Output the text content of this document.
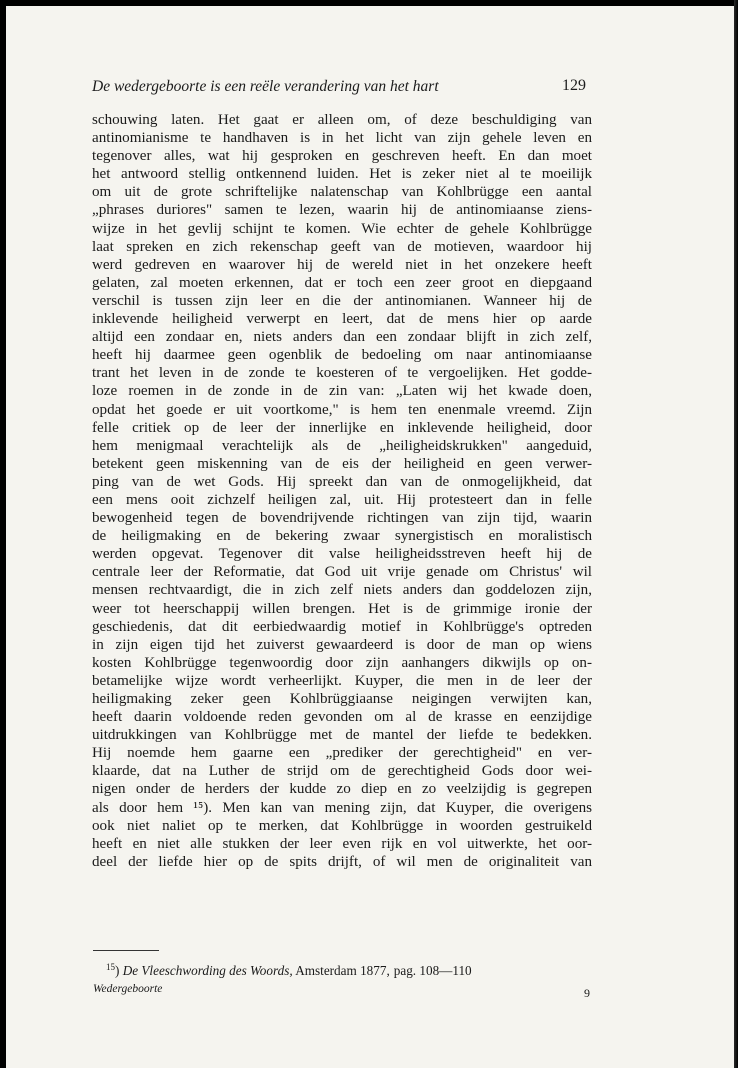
De wedergeboorte is een reële verandering van het hart	129
schouwing laten. Het gaat er alleen om, of deze beschuldiging van
antinomianisme te handhaven is in het licht van zijn gehele leven en
tegenover alles, wat hij gesproken en geschreven heeft. En dan moet
het antwoord stellig ontkennend luiden. Het is zeker niet al te moeilijk
om uit de grote schriftelijke nalatenschap van Kohlbrügge een aantal
„phrases duriores" samen te lezen, waarin hij de antinomiaanse ziens-
wijze in het gevlij schijnt te komen. Wie echter de gehele Kohlbrügge
laat spreken en zich rekenschap geeft van de motieven, waardoor hij
werd gedreven en waarover hij de wereld niet in het onzekere heeft
gelaten, zal moeten erkennen, dat er toch een zeer groot en diepgaand
verschil is tussen zijn leer en die der antinomianen. Wanneer hij de
inklevende heiligheid verwerpt en leert, dat de mens hier op aarde
altijd een zondaar en, niets anders dan een zondaar blijft in zich zelf,
heeft hij daarmee geen ogenblik de bedoeling om naar antinomiaanse
trant het leven in de zonde te koesteren of te vergoelijken. Het godde-
loze roemen in de zonde in de zin van: „Laten wij het kwade doen,
opdat het goede er uit voortkome," is hem ten enenmale vreemd. Zijn
felle critiek op de leer der innerlijke en inklevende heiligheid, door
hem menigmaal verachtelijk als de „heiligheidskrukken" aangeduid,
betekent geen miskenning van de eis der heiligheid en geen verwer-
ping van de wet Gods. Hij spreekt dan van de onmogelijkheid, dat
een mens ooit zichzelf heiligen zal, uit. Hij protesteert dan in felle
bewogenheid tegen de bovendrijvende richtingen van zijn tijd, waarin
de heiligmaking en de bekering zwaar synergistisch en moralistisch
werden opgevat. Tegenover dit valse heiligheidsstreven heeft hij de
centrale leer der Reformatie, dat God uit vrije genade om Christus' wil
mensen rechtvaardigt, die in zich zelf niets anders dan goddelozen zijn,
weer tot heerschappij willen brengen. Het is de grimmige ironie der
geschiedenis, dat dit eerbiedwaardig motief in Kohlbrügge's optreden
in zijn eigen tijd het zuiverst gewaardeerd is door de man op wiens
kosten Kohlbrügge tegenwoordig door zijn aanhangers dikwijls op on-
betamelijke wijze wordt verheerlijkt. Kuyper, die men in de leer der
heiligmaking zeker geen Kohlbrüggiaanse neigingen verwijten kan,
heeft daarin voldoende reden gevonden om al de krasse en eenzijdige
uitdrukkingen van Kohlbrügge met de mantel der liefde te bedekken.
Hij noemde hem gaarne een „prediker der gerechtigheid" en ver-
klaarde, dat na Luther de strijd om de gerechtigheid Gods door wei-
nigen onder de herders der kudde zo diep en zo veelzijdig is gegrepen
als door hem ¹⁵). Men kan van mening zijn, dat Kuyper, die overigens
ook niet naliet op te merken, dat Kohlbrügge in woorden gestruikeld
heeft en niet alle stukken der leer even rijk en vol uitwerkte, het oor-
deel der liefde hier op de spits drijft, of wil men de originaliteit van
$^{15}$) De Vleeschwording des Woords, Amsterdam 1877, pag. 108—110
Wedergeboorte	9
